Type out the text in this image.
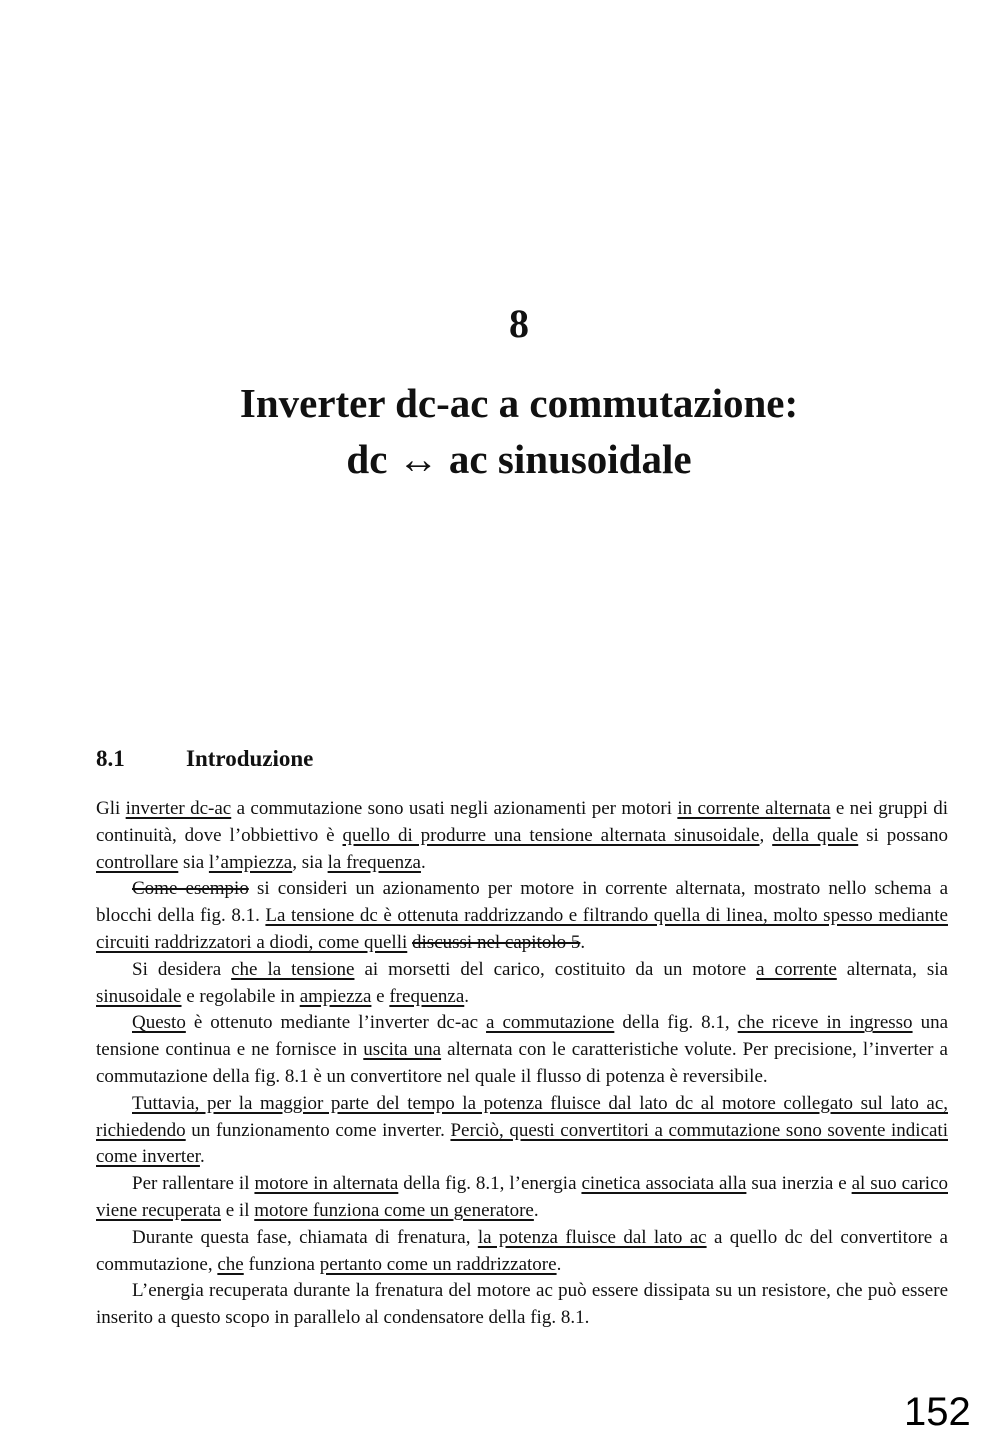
8
Inverter dc-ac a commutazione:
dc ↔ ac sinusoidale
8.1	Introduzione

Gli inverter dc-ac a commutazione sono usati negli azionamenti per motori in corrente alternata e nei gruppi di continuità, dove l’obbiettivo è quello di produrre una tensione alternata sinusoidale, della quale si possano controllare sia l’ampiezza, sia la frequenza.

Come esempio si consideri un azionamento per motore in corrente alternata, mostrato nello schema a blocchi della fig. 8.1. La tensione dc è ottenuta raddrizzando e filtrando quella di linea, molto spesso mediante circuiti raddrizzatori a diodi, come quelli discussi nel capitolo 5.

Si desidera che la tensione ai morsetti del carico, costituito da un motore a corrente alternata, sia sinusoidale e regolabile in ampiezza e frequenza.

Questo è ottenuto mediante l’inverter dc-ac a commutazione della fig. 8.1, che riceve in ingresso una tensione continua e ne fornisce in uscita una alternata con le caratteristiche volute. Per precisione, l’inverter a commutazione della fig. 8.1 è un convertitore nel quale il flusso di potenza è reversibile.

Tuttavia, per la maggior parte del tempo la potenza fluisce dal lato dc al motore collegato sul lato ac, richiedendo un funzionamento come inverter. Perciò, questi convertitori a commutazione sono sovente indicati come inverter.

Per rallentare il motore in alternata della fig. 8.1, l’energia cinetica associata alla sua inerzia e al suo carico viene recuperata e il motore funziona come un generatore.

Durante questa fase, chiamata di frenatura, la potenza fluisce dal lato ac a quello dc del convertitore a commutazione, che funziona pertanto come un raddrizzatore.

L’energia recuperata durante la frenatura del motore ac può essere dissipata su un resistore, che può essere inserito a questo scopo in parallelo al condensatore della fig. 8.1.

152
